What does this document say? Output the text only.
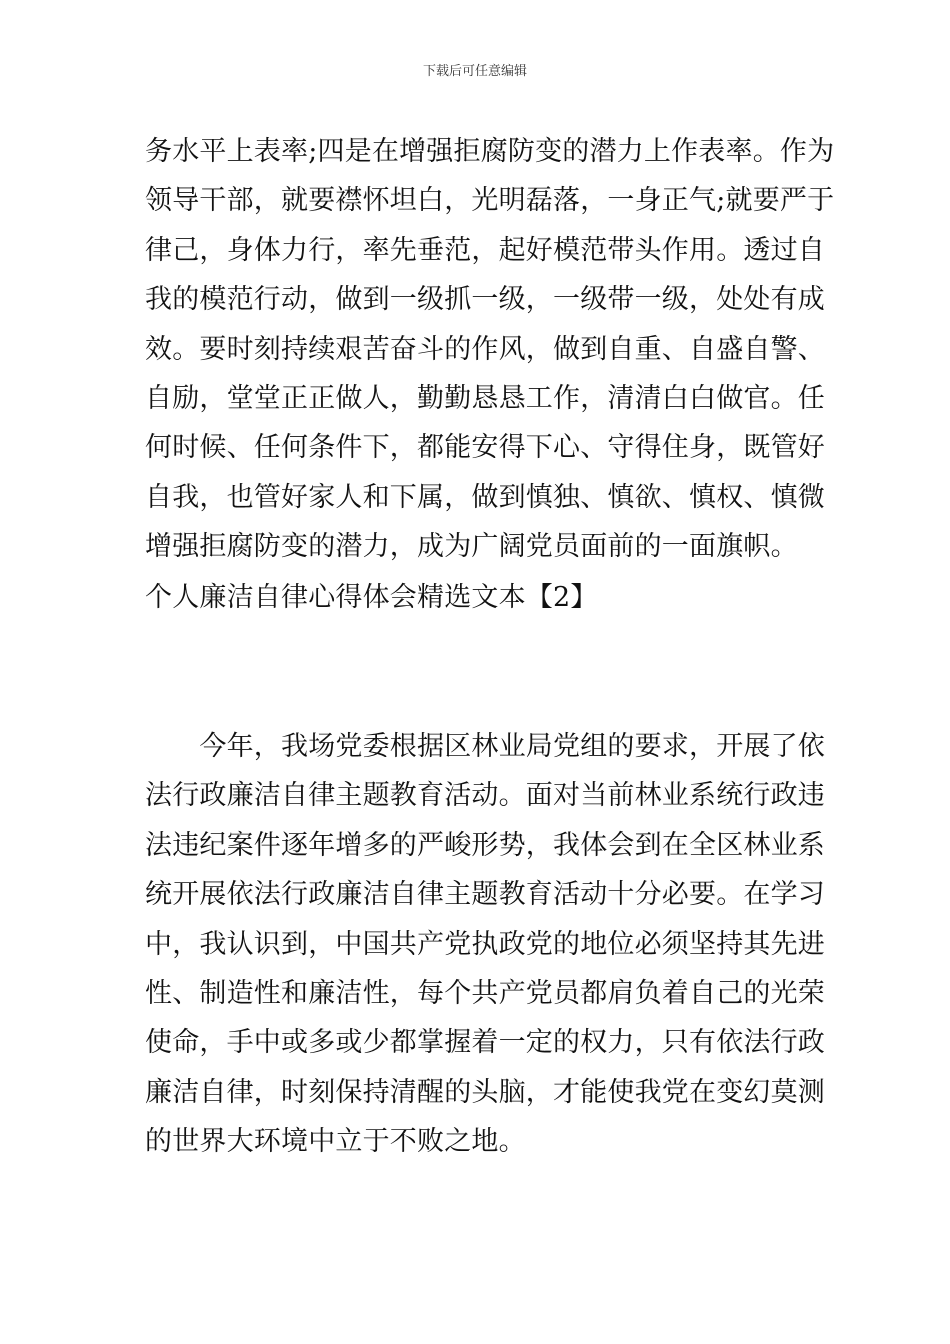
下载后可任意编辑
务水平上表率;四是在增强拒腐防变的潜力上作表率。作为
领导干部，就要襟怀坦白，光明磊落，一身正气;就要严于
律己，身体力行，率先垂范，起好模范带头作用。透过自
我的模范行动，做到一级抓一级，一级带一级，处处有成
效。要时刻持续艰苦奋斗的作风，做到自重、自盛自警、
自励，堂堂正正做人，勤勤恳恳工作，清清白白做官。任
何时候、任何条件下，都能安得下心、守得住身，既管好
自我，也管好家人和下属，做到慎独、慎欲、慎权、慎微
增强拒腐防变的潜力，成为广阔党员面前的一面旗帜。
个人廉洁自律心得体会精选文本【2】
　　今年，我场党委根据区林业局党组的要求，开展了依
法行政廉洁自律主题教育活动。面对当前林业系统行政违
法违纪案件逐年增多的严峻形势，我体会到在全区林业系
统开展依法行政廉洁自律主题教育活动十分必要。在学习
中，我认识到，中国共产党执政党的地位必须坚持其先进
性、制造性和廉洁性，每个共产党员都肩负着自己的光荣
使命，手中或多或少都掌握着一定的权力，只有依法行政
廉洁自律，时刻保持清醒的头脑，才能使我党在变幻莫测
的世界大环境中立于不败之地。
